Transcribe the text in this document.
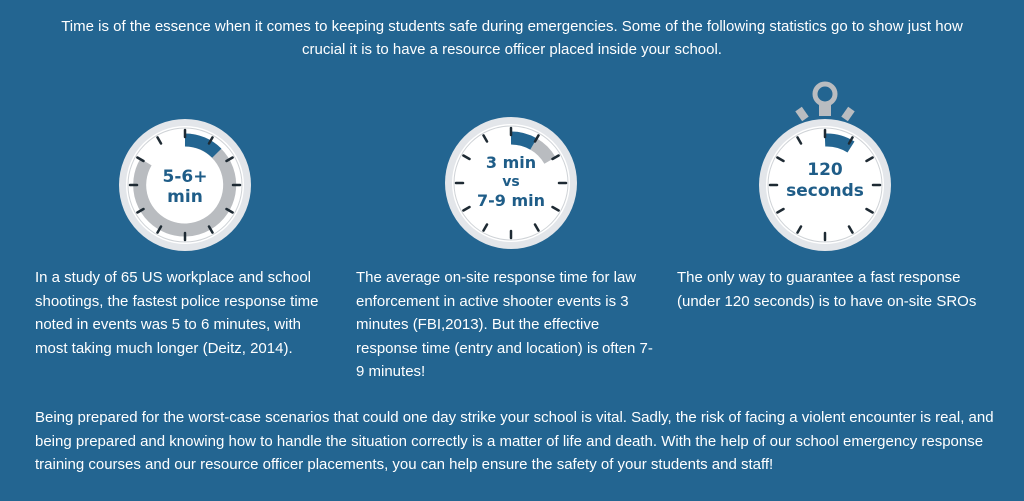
Time is of the essence when it comes to keeping students safe during emergencies. Some of the following statistics go to show just how crucial it is to have a resource officer placed inside your school.

5-6+
min
3 min
vs
7-9 min
120
seconds

In a study of 65 US workplace and school shootings, the fastest police response time noted in events was 5 to 6 minutes, with most taking much longer (Deitz, 2014).

The average on-site response time for law enforcement in active shooter events is 3 minutes (FBI,2013). But the effective response time (entry and location) is often 7-9 minutes!

The only way to guarantee a fast response (under 120 seconds) is to have on-site SROs

Being prepared for the worst-case scenarios that could one day strike your school is vital. Sadly, the risk of facing a violent encounter is real, and being prepared and knowing how to handle the situation correctly is a matter of life and death. With the help of our school emergency response training courses and our resource officer placements, you can help ensure the safety of your students and staff!
